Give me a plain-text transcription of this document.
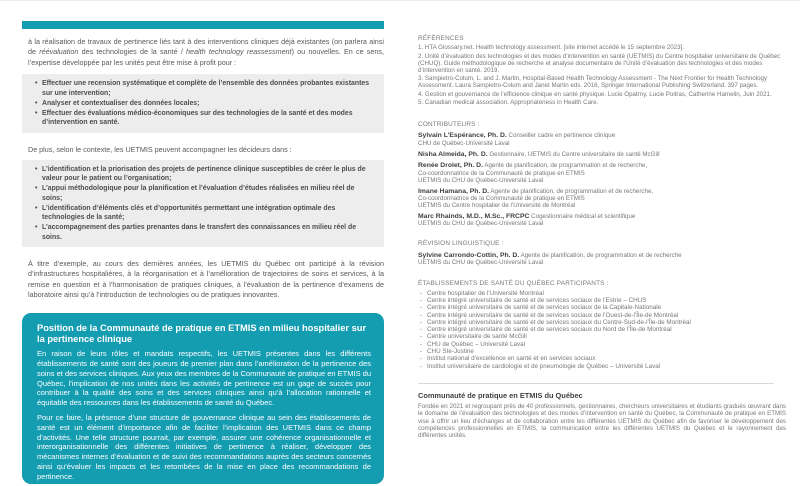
à la réalisation de travaux de pertinence liés tant à des interventions cliniques déjà existantes (on parlera ainsi de réévaluation des technologies de la santé / health technology reassessment) ou nouvelles. En ce sens, l’expertise développée par les unités peut être mise à profit pour :

• Effectuer une recension systématique et complète de l’ensemble des données probantes existantes sur une intervention;
• Analyser et contextualiser des données locales;
• Effectuer des évaluations médico-économiques sur des technologies de la santé et des modes d’intervention en santé.

De plus, selon le contexte, les UETMIS peuvent accompagner les décideurs dans :

• L’identification et la priorisation des projets de pertinence clinique susceptibles de créer le plus de valeur pour le patient ou l’organisation;
• L’appui méthodologique pour la planification et l’évaluation d’études réalisées en milieu réel de soins;
• L’identification d’éléments clés et d’opportunités permettant une intégration optimale des technologies de la santé;
• L’accompagnement des parties prenantes dans le transfert des connaissances en milieu réel de soins.

À titre d’exemple, au cours des dernières années, les UETMIS du Québec ont participé à la révision d’infrastructures hospitalières, à la réorganisation et à l’amélioration de trajectoires de soins et services, à la remise en question et à l’harmonisation de pratiques cliniques, à l’évaluation de la pertinence d’examens de laboratoire ainsi qu’à l’introduction de technologies ou de pratiques innovantes.

Position de la Communauté de pratique en ETMIS en milieu hospitalier sur la pertinence clinique

En raison de leurs rôles et mandats respectifs, les UETMIS présentes dans les différents établissements de santé sont des joueurs de premier plan dans l’amélioration de la pertinence des soins et des services cliniques. Aux yeux des membres de la Communauté de pratique en ETMIS du Québec, l’implication de nos unités dans les activités de pertinence est un gage de succès pour contribuer à la qualité des soins et des services cliniques ainsi qu’à l’allocation rationnelle et équitable des ressources dans les établissements de santé du Québec.

Pour ce faire, la présence d’une structure de gouvernance clinique au sein des établissements de santé est un élément d’importance afin de faciliter l’implication des UETMIS dans ce champ d’activités. Une telle structure pourrait, par exemple, assurer une cohérence organisationnelle et interorganisationnelle des différentes initiatives de pertinence à réaliser, développer des mécanismes internes d’évaluation et de suivi des recommandations auprès des secteurs concernés ainsi qu’évaluer les impacts et les retombées de la mise en place des recommandations de pertinence.

RÉFÉRENCES

1. HTA Glossary.net. Health technology assessment. [site internet accédé le 15 septembre 2023].

2. Unité d’évaluation des technologies et des modes d’intervention en santé (UETMIS) du Centre hospitalier universitaire de Québec (CHUQ). Guide méthodologique de recherche et analyse documentaire de l’Unité d’évaluation des technologies et des modes d’intervention en santé. 2019.

3. Sampietro-Colum, L. and J. Martin, Hospital-Based Health Technology Assessment - The Next Frontier for Health Technology Assessment. Laura Sampietro-Colum and Janet Martin eds. 2016, Springer International Publishing Switzerland. 397 pages.

4. Gestion et gouvernance de l’efficience clinique en santé physique. Lucie Opatrny, Lucie Poitras, Catherine Hamelin, Juin 2021.

5. Canadian medical association. Appropriateness in Health Care.

CONTRIBUTEURS :

Sylvain L’Espérance, Ph. D. Conseiller cadre en pertinence clinique
CHU de Québec-Université Laval
Nisha Almeida, Ph. D. Gestionnaire, UETMIS du Centre universitaire de santé McGill
Renée Drolet, Ph. D. Agente de planification, de programmation et de recherche,
Co-coordonnatrice de la Communauté de pratique en ETMIS
UETMIS du CHU de Québec-Université Laval
Imane Hamana, Ph. D. Agente de planification, de programmation et de recherche,
Co-coordonnatrice de la Communauté de pratique en ETMIS
UETMIS du Centre hospitalier de l’Université de Montréal
Marc Rhainds, M.D., M.Sc., FRCPC Cogestionnaire médical et scientifique
UETMIS du CHU de Québec-Université Laval

RÉVISION LINGUISTIQUE :

Sylvine Carrondo-Cottin, Ph. D. Agente de planification, de programmation et de recherche
UETMIS du CHU de Québec-Université Laval

ÉTABLISSEMENTS DE SANTÉ DU QUÉBEC PARTICIPANTS :

- Centre hospitalier de l’Université Montréal
- Centre intégré universitaire de santé et de services sociaux de l’Estrie – CHUS
- Centre intégré universitaire de santé et de services sociaux de la Capitale-Nationale
- Centre intégré universitaire de santé et de services sociaux de l’Ouest-de-l’Île-de Montréal
- Centre intégré universitaire de santé et de services sociaux du Centre-Sud-de-l’Île-de Montréal
- Centre intégré universitaire de santé et de services sociaux du Nord de l’Île-de Montréal
- Centre universitaire de santé McGill
- CHU de Québec – Université Laval
- CHU Ste-Justine
- Institut national d’excellence en santé et en services sociaux
- Institut universitaire de cardiologie et de pneumologie de Québec – Université Laval

Communauté de pratique en ETMIS du Québec

Fondée en 2021 et regroupant près de 40 professionnels, gestionnaires, chercheurs universitaires et étudiants gradués œuvrant dans le domaine de l’évaluation des technologies et des modes d’intervention en santé du Québec, la Communauté de pratique en ETMIS vise à offrir un lieu d’échanges et de collaboration entre les différentes UETMIS du Québec afin de favoriser le développement des compétences professionnelles en ETMIS, la communication entre les différentes UETMIS du Québec et le rayonnement des différentes unités.
